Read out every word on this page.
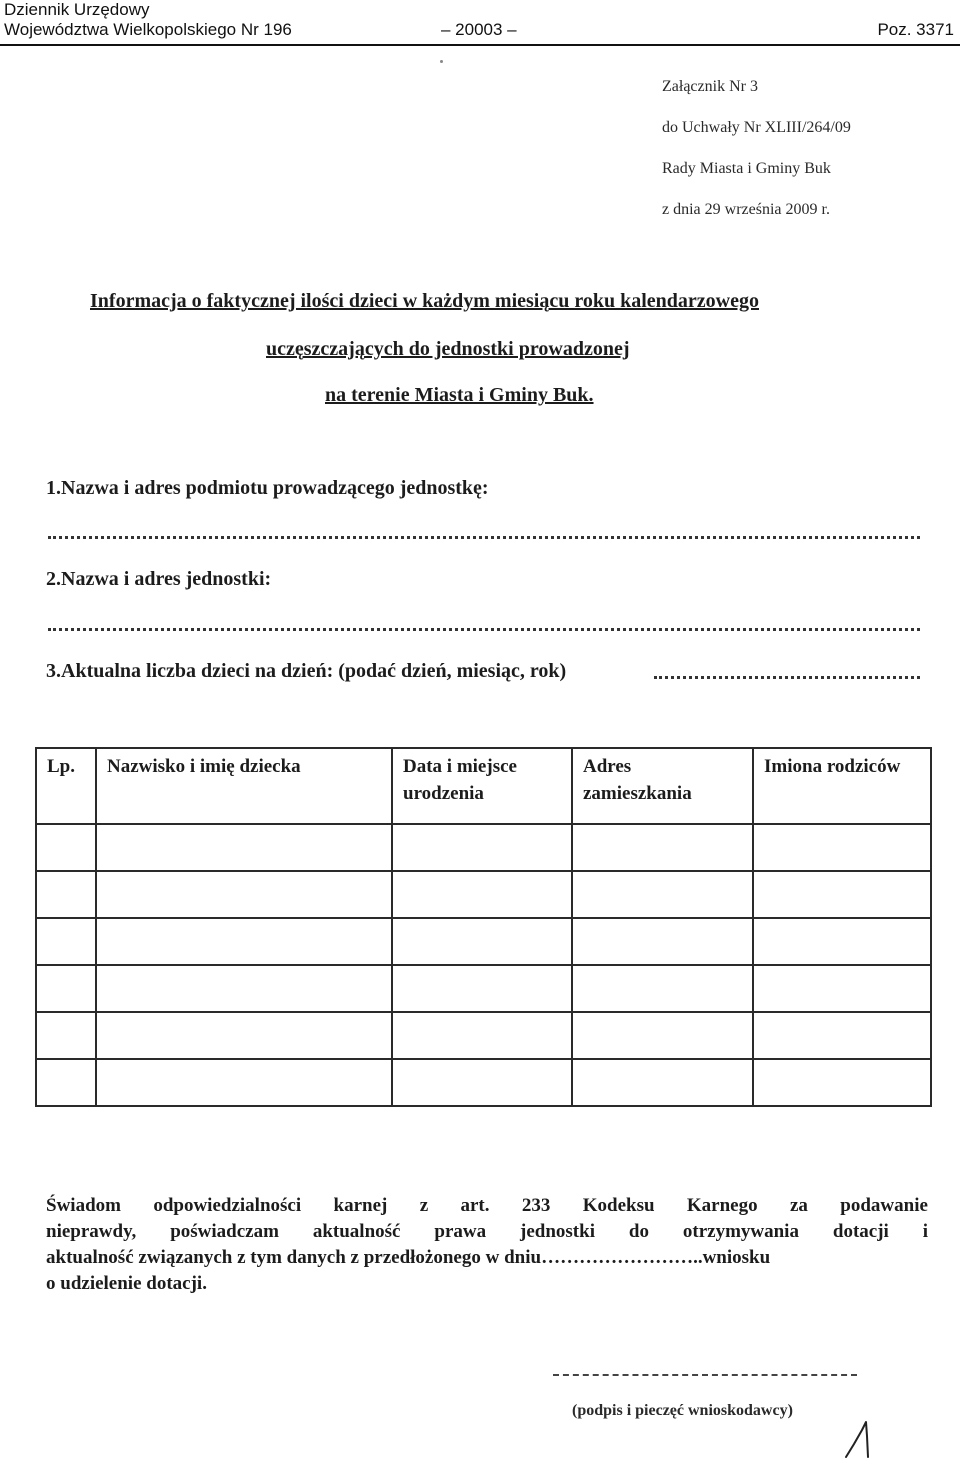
Dziennik Urzędowy
Województwa Wielkopolskiego Nr 196	– 20003 –	Poz. 3371
Załącznik Nr 3
do Uchwały Nr XLIII/264/09
Rady Miasta i Gminy Buk
z dnia 29 września 2009 r.
Informacja o faktycznej ilości dzieci w każdym miesiącu roku kalendarzowego
uczęszczających do jednostki prowadzonej
na terenie Miasta i Gminy Buk.
1.Nazwa i adres podmiotu prowadzącego jednostkę:
2.Nazwa i adres jednostki:
3.Aktualna liczba dzieci na dzień: (podać dzień, miesiąc, rok)
Lp.	Nazwisko i imię dziecka	Data i miejsce urodzenia	Adres zamieszkania	Imiona rodziców

Świadom odpowiedzialności karnej z art. 233 Kodeksu Karnego za podawanie
nieprawdy, poświadczam aktualność prawa jednostki do otrzymywania dotacji i
aktualność związanych z tym danych z przedłożonego w dniu……………………..wniosku
o udzielenie dotacji.
(podpis i pieczęć wnioskodawcy)
